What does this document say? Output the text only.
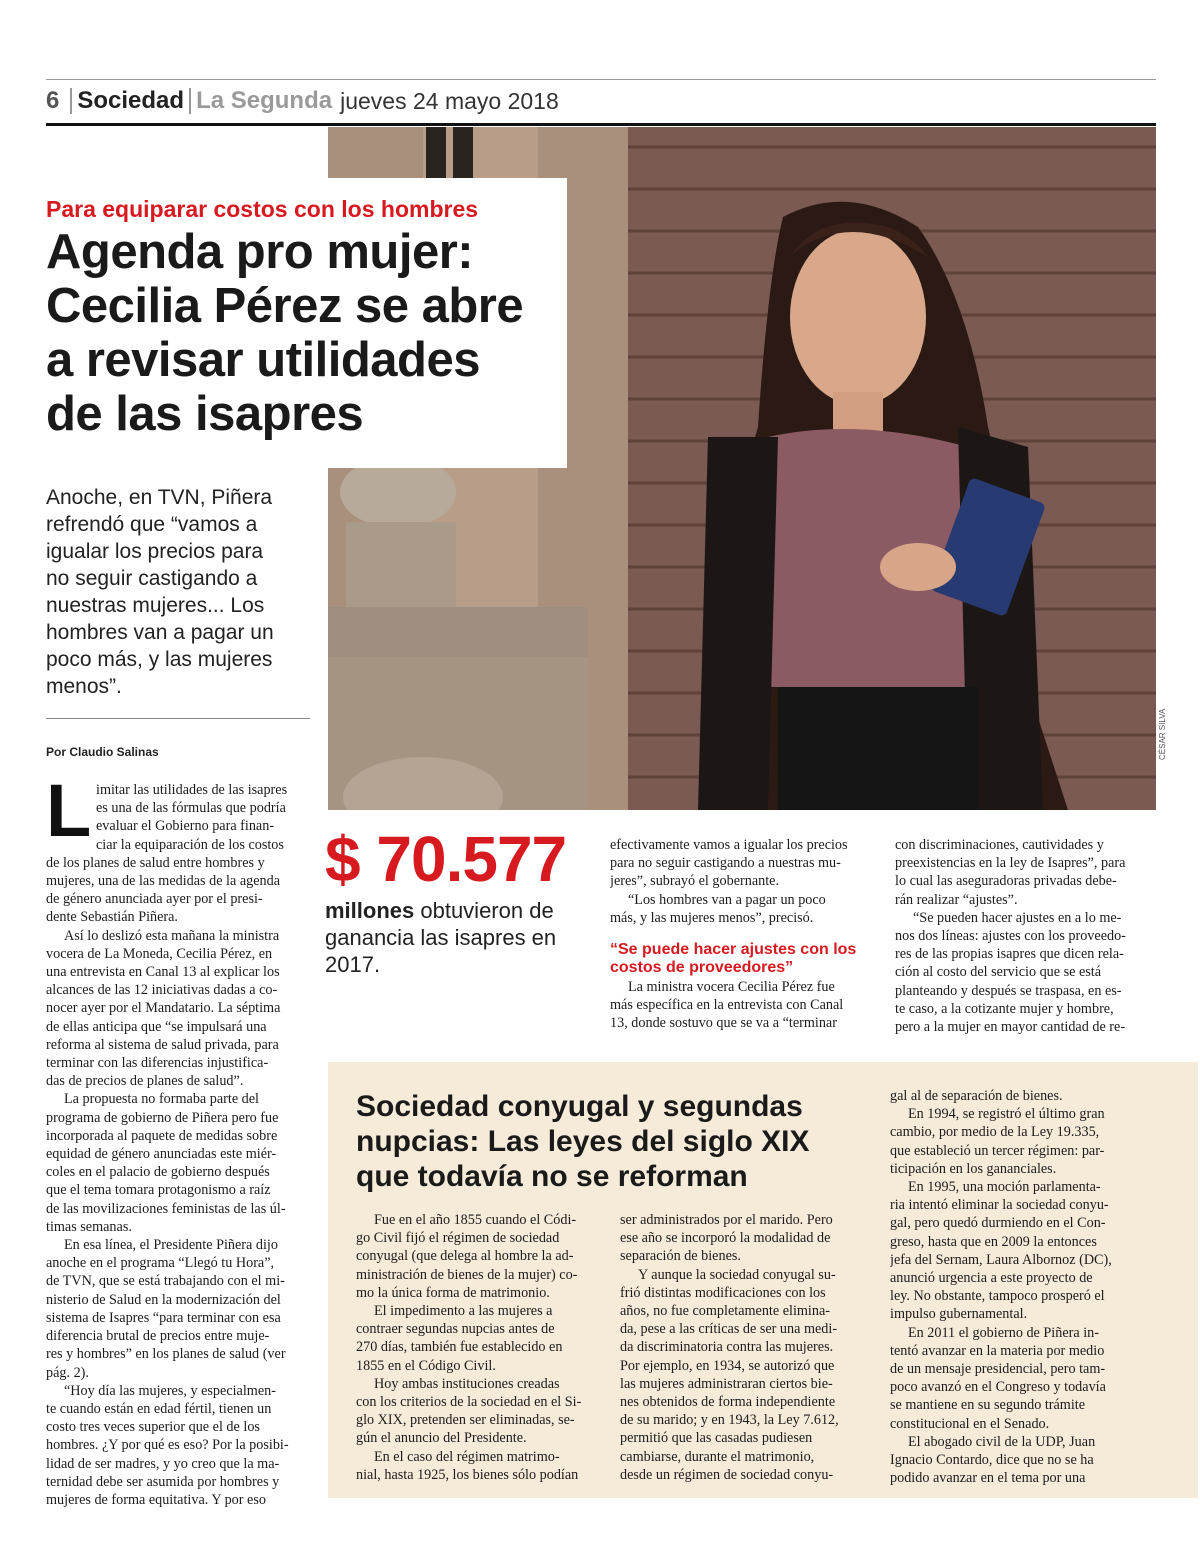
6 Sociedad La Segunda jueves 24 mayo 2018
CÉSAR SILVA
Para equiparar costos con los hombres
Agenda pro mujer:
Cecilia Pérez se abre
a revisar utilidades
de las isapres
Anoche, en TVN, Piñera
refrendó que “vamos a
igualar los precios para
no seguir castigando a
nuestras mujeres... Los
hombres van a pagar un
poco más, y las mujeres
menos”.
Por Claudio Salinas
L imitar las utilidades de las isapres
es una de las fórmulas que podría
evaluar el Gobierno para finan-
ciar la equiparación de los costos
de los planes de salud entre hombres y
mujeres, una de las medidas de la agenda
de género anunciada ayer por el presi-
dente Sebastián Piñera.
Así lo deslizó esta mañana la ministra
vocera de La Moneda, Cecilia Pérez, en
una entrevista en Canal 13 al explicar los
alcances de las 12 iniciativas dadas a co-
nocer ayer por el Mandatario. La séptima
de ellas anticipa que “se impulsará una
reforma al sistema de salud privada, para
terminar con las diferencias injustifica-
das de precios de planes de salud”.
La propuesta no formaba parte del
programa de gobierno de Piñera pero fue
incorporada al paquete de medidas sobre
equidad de género anunciadas este miér-
coles en el palacio de gobierno después
que el tema tomara protagonismo a raíz
de las movilizaciones feministas de las úl-
timas semanas.
En esa línea, el Presidente Piñera dijo
anoche en el programa “Llegó tu Hora”,
de TVN, que se está trabajando con el mi-
nisterio de Salud en la modernización del
sistema de Isapres “para terminar con esa
diferencia brutal de precios entre muje-
res y hombres” en los planes de salud (ver
pág. 2).
“Hoy día las mujeres, y especialmen-
te cuando están en edad fértil, tienen un
costo tres veces superior que el de los
hombres. ¿Y por qué es eso? Por la posibi-
lidad de ser madres, y yo creo que la ma-
ternidad debe ser asumida por hombres y
mujeres de forma equitativa. Y por eso
$ 70.577
millones obtuvieron de ganancia las isapres en 2017.
efectivamente vamos a igualar los precios
para no seguir castigando a nuestras mu-
jeres”, subrayó el gobernante.
“Los hombres van a pagar un poco
más, y las mujeres menos”, precisó.
“Se puede hacer ajustes con los costos de proveedores”
La ministra vocera Cecilia Pérez fue
más específica en la entrevista con Canal
13, donde sostuvo que se va a “terminar
con discriminaciones, cautividades y
preexistencias en la ley de Isapres”, para
lo cual las aseguradoras privadas debe-
rán realizar “ajustes”.
“Se pueden hacer ajustes en a lo me-
nos dos líneas: ajustes con los proveedo-
res de las propias isapres que dicen rela-
ción al costo del servicio que se está
planteando y después se traspasa, en es-
te caso, a la cotizante mujer y hombre,
pero a la mujer en mayor cantidad de re-
Sociedad conyugal y segundas
nupcias: Las leyes del siglo XIX
que todavía no se reforman
Fue en el año 1855 cuando el Códi-
go Civil fijó el régimen de sociedad
conyugal (que delega al hombre la ad-
ministración de bienes de la mujer) co-
mo la única forma de matrimonio.
El impedimento a las mujeres a
contraer segundas nupcias antes de
270 días, también fue establecido en
1855 en el Código Civil.
Hoy ambas instituciones creadas
con los criterios de la sociedad en el Si-
glo XIX, pretenden ser eliminadas, se-
gún el anuncio del Presidente.
En el caso del régimen matrimo-
nial, hasta 1925, los bienes sólo podían
ser administrados por el marido. Pero
ese año se incorporó la modalidad de
separación de bienes.
Y aunque la sociedad conyugal su-
frió distintas modificaciones con los
años, no fue completamente elimina-
da, pese a las críticas de ser una medi-
da discriminatoria contra las mujeres.
Por ejemplo, en 1934, se autorizó que
las mujeres administraran ciertos bie-
nes obtenidos de forma independiente
de su marido; y en 1943, la Ley 7.612,
permitió que las casadas pudiesen
cambiarse, durante el matrimonio,
desde un régimen de sociedad conyu-
gal al de separación de bienes.
En 1994, se registró el último gran
cambio, por medio de la Ley 19.335,
que estableció un tercer régimen: par-
ticipación en los gananciales.
En 1995, una moción parlamenta-
ria intentó eliminar la sociedad conyu-
gal, pero quedó durmiendo en el Con-
greso, hasta que en 2009 la entonces
jefa del Sernam, Laura Albornoz (DC),
anunció urgencia a este proyecto de
ley. No obstante, tampoco prosperó el
impulso gubernamental.
En 2011 el gobierno de Piñera in-
tentó avanzar en la materia por medio
de un mensaje presidencial, pero tam-
poco avanzó en el Congreso y todavía
se mantiene en su segundo trámite
constitucional en el Senado.
El abogado civil de la UDP, Juan
Ignacio Contardo, dice que no se ha
podido avanzar en el tema por una
